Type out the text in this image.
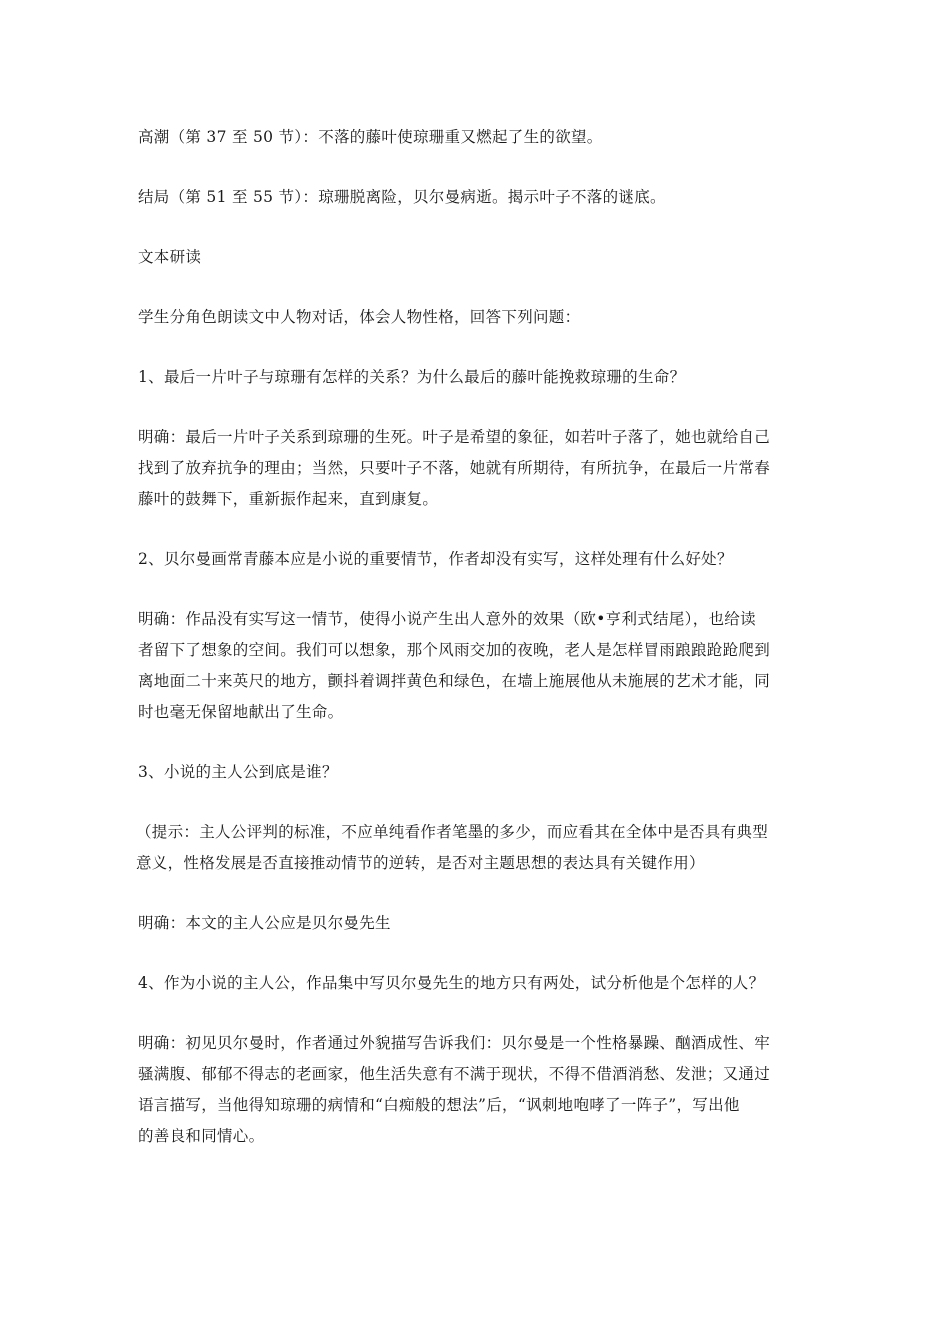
高潮（第 37 至 50 节）：不落的藤叶使琼珊重又燃起了生的欲望。

结局（第 51 至 55 节）：琼珊脱离险，贝尔曼病逝。揭示叶子不落的谜底。

文本研读

学生分角色朗读文中人物对话，体会人物性格，回答下列问题：

1、最后一片叶子与琼珊有怎样的关系？为什么最后的藤叶能挽救琼珊的生命？

明确：最后一片叶子关系到琼珊的生死。叶子是希望的象征，如若叶子落了，她也就给自己
找到了放弃抗争的理由；当然，只要叶子不落，她就有所期待，有所抗争，在最后一片常春
藤叶的鼓舞下，重新振作起来，直到康复。

2、贝尔曼画常青藤本应是小说的重要情节，作者却没有实写，这样处理有什么好处？

明确：作品没有实写这一情节，使得小说产生出人意外的效果（欧•亨利式结尾），也给读
者留下了想象的空间。我们可以想象，那个风雨交加的夜晚，老人是怎样冒雨踉踉跄跄爬到
离地面二十来英尺的地方，颤抖着调拌黄色和绿色，在墙上施展他从未施展的艺术才能，同
时也毫无保留地献出了生命。

3、小说的主人公到底是谁？

（提示：主人公评判的标准，不应单纯看作者笔墨的多少，而应看其在全体中是否具有典型
意义，性格发展是否直接推动情节的逆转，是否对主题思想的表达具有关键作用）

明确：本文的主人公应是贝尔曼先生

4、作为小说的主人公，作品集中写贝尔曼先生的地方只有两处，试分析他是个怎样的人？

明确：初见贝尔曼时，作者通过外貌描写告诉我们：贝尔曼是一个性格暴躁、酗酒成性、牢
骚满腹、郁郁不得志的老画家，他生活失意有不满于现状，不得不借酒消愁、发泄；又通过
语言描写，当他得知琼珊的病情和“白痴般的想法”后，“讽刺地咆哮了一阵子”，写出他
的善良和同情心。
